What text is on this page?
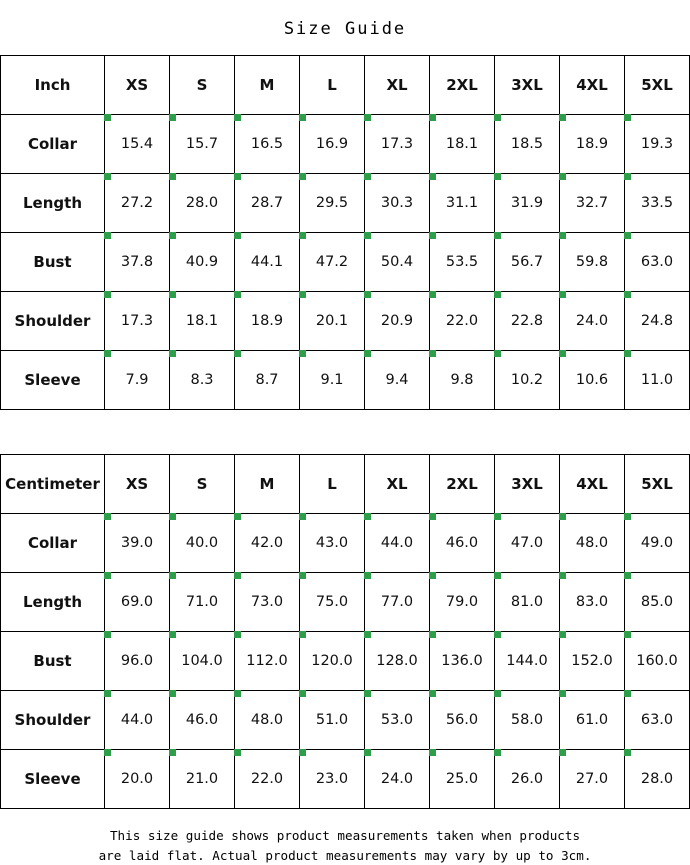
Size Guide
Inch	XS	S	M	L	XL	2XL	3XL	4XL	5XL
Collar	15.4	15.7	16.5	16.9	17.3	18.1	18.5	18.9	19.3

Length	27.2	28.0	28.7	29.5	30.3	31.1	31.9	32.7	33.5

Bust	37.8	40.9	44.1	47.2	50.4	53.5	56.7	59.8	63.0

Shoulder	17.3	18.1	18.9	20.1	20.9	22.0	22.8	24.0	24.8

Sleeve	7.9	8.3	8.7	9.1	9.4	9.8	10.2	10.6	11.0
Centimeter	XS	S	M	L	XL	2XL	3XL	4XL	5XL
Collar	39.0	40.0	42.0	43.0	44.0	46.0	47.0	48.0	49.0

Length	69.0	71.0	73.0	75.0	77.0	79.0	81.0	83.0	85.0

Bust	96.0	104.0	112.0	120.0	128.0	136.0	144.0	152.0	160.0

Shoulder	44.0	46.0	48.0	51.0	53.0	56.0	58.0	61.0	63.0

Sleeve	20.0	21.0	22.0	23.0	24.0	25.0	26.0	27.0	28.0
This size guide shows product measurements taken when products
are laid flat. Actual product measurements may vary by up to 3cm.
